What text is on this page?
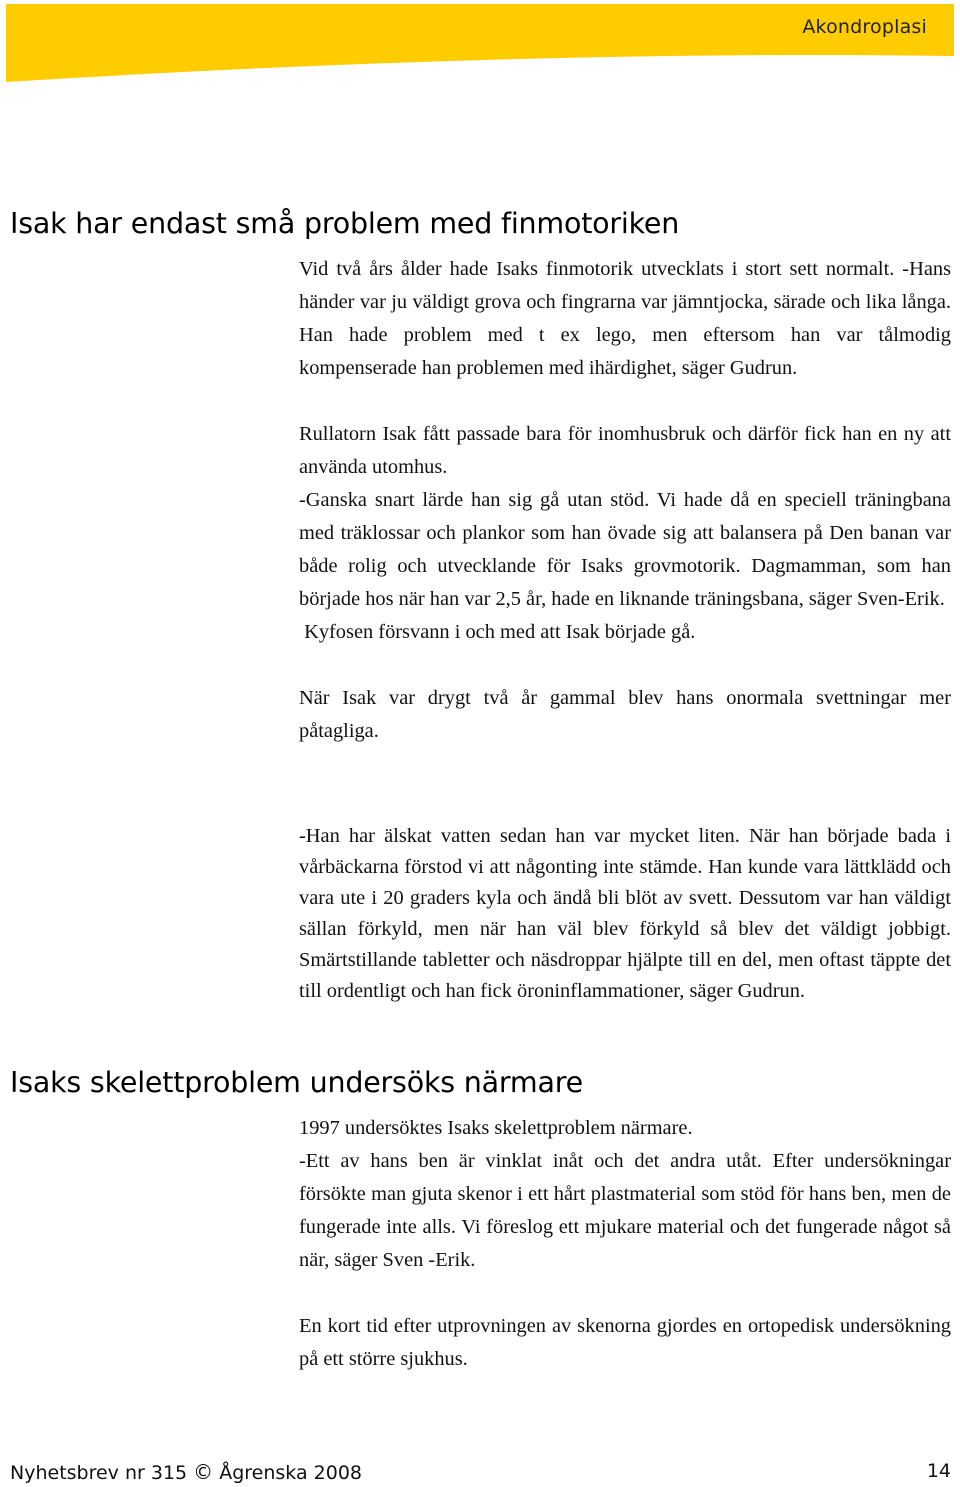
Akondroplasi
Isak har endast små problem med finmotoriken

Vid två års ålder hade Isaks finmotorik utvecklats i stort sett normalt. -Hans händer var ju väldigt grova och fingrarna var jämntjocka, särade och lika långa. Han hade problem med t ex lego, men eftersom han var tålmodig kompenserade han problemen med ihärdighet, säger Gudrun.

Rullatorn Isak fått passade bara för inomhusbruk och därför fick han en ny att använda utomhus.

-Ganska snart lärde han sig gå utan stöd. Vi hade då en speciell träningbana med träklossar och plankor som han övade sig att balansera på Den banan var både rolig och utvecklande för Isaks grovmotorik. Dagmamman, som han började hos när han var 2,5 år, hade en liknande träningsbana, säger Sven-Erik.

Kyfosen försvann i och med att Isak började gå.

När Isak var drygt två år gammal blev hans onormala svettningar mer påtagliga.

-Han har älskat vatten sedan han var mycket liten. När han började bada i vårbäckarna förstod vi att någonting inte stämde. Han kunde vara lättklädd och vara ute i 20 graders kyla och ändå bli blöt av svett. Dessutom var han väldigt sällan förkyld, men när han väl blev förkyld så blev det väldigt jobbigt. Smärtstillande tabletter och näsdroppar hjälpte till en del, men oftast täppte det till ordentligt och han fick öroninflammationer, säger Gudrun.

Isaks skelettproblem undersöks närmare

1997 undersöktes Isaks skelettproblem närmare.

-Ett av hans ben är vinklat inåt och det andra utåt. Efter undersökningar försökte man gjuta skenor i ett hårt plastmaterial som stöd för hans ben, men de fungerade inte alls. Vi föreslog ett mjukare material och det fungerade något så när, säger Sven -Erik.

En kort tid efter utprovningen av skenorna gjordes en ortopedisk undersökning på ett större sjukhus.

Nyhetsbrev nr 315 © Ågrenska 2008	14
